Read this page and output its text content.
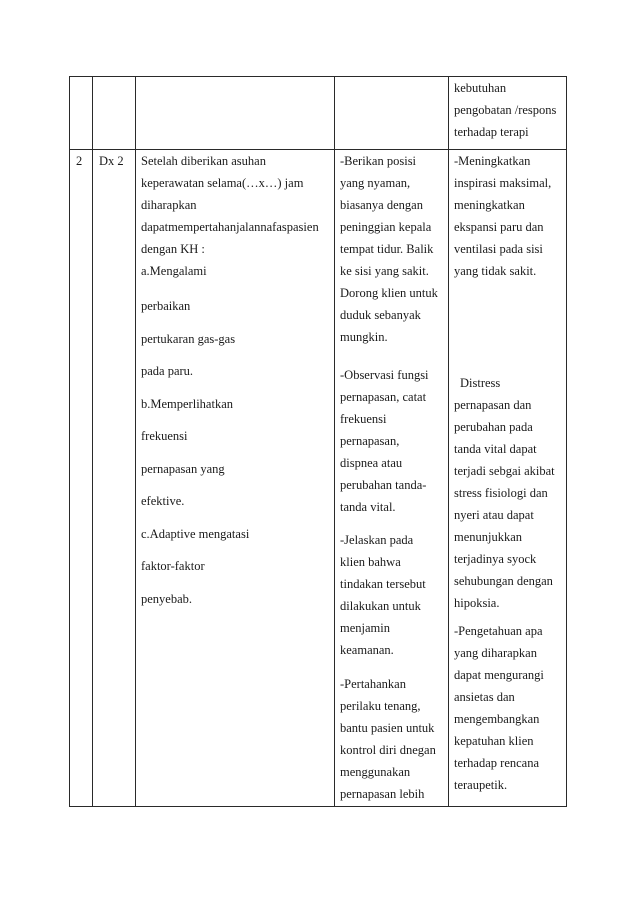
kebutuhan
pengobatan /respons
terhadap terapi
2 Dx 2 Setelah diberikan asuhan
keperawatan selama(…x…) jam
diharapkan
dapatmempertahanjalannafaspasien
dengan KH :
a.Mengalami
perbaikan
pertukaran gas-gas
pada paru.
b.Memperlihatkan
frekuensi
pernapasan yang
efektive.
c.Adaptive mengatasi
faktor-faktor
penyebab.
-Berikan posisi
yang nyaman,
biasanya dengan
peninggian kepala
tempat tidur. Balik
ke sisi yang sakit.
Dorong klien untuk
duduk sebanyak
mungkin.
-Observasi fungsi
pernapasan, catat
frekuensi
pernapasan,
dispnea atau
perubahan tanda-
tanda vital.
-Jelaskan pada
klien bahwa
tindakan tersebut
dilakukan untuk
menjamin
keamanan.
-Pertahankan
perilaku tenang,
bantu pasien untuk
kontrol diri dnegan
menggunakan
pernapasan lebih
-Meningkatkan
inspirasi maksimal,
meningkatkan
ekspansi paru dan
ventilasi pada sisi
yang tidak sakit.
Distress
pernapasan dan
perubahan pada
tanda vital dapat
terjadi sebgai akibat
stress fisiologi dan
nyeri atau dapat
menunjukkan
terjadinya syock
sehubungan dengan
hipoksia.
-Pengetahuan apa
yang diharapkan
dapat mengurangi
ansietas dan
mengembangkan
kepatuhan klien
terhadap rencana
teraupetik.
